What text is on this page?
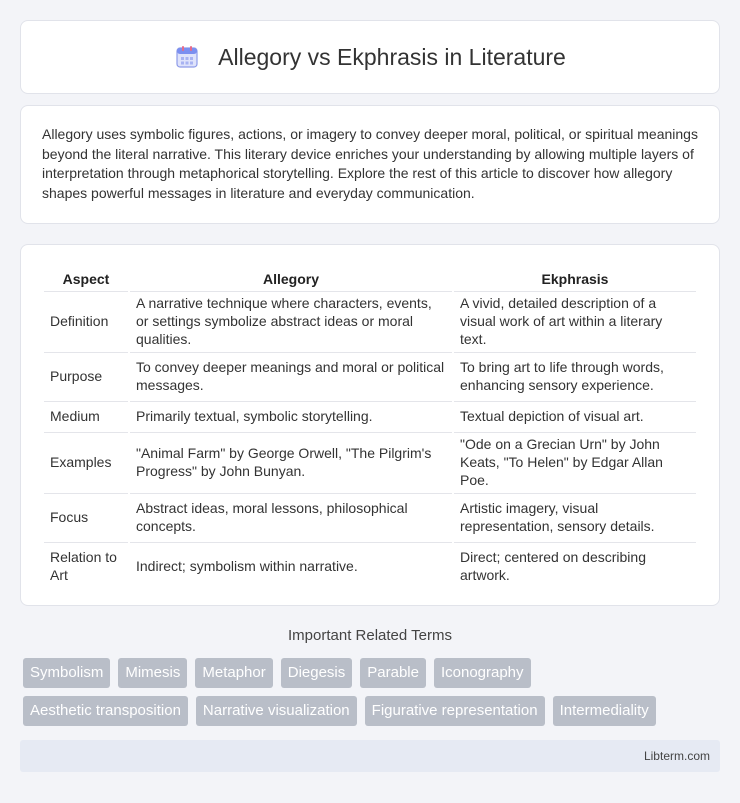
Allegory vs Ekphrasis in Literature

Allegory uses symbolic figures, actions, or imagery to convey deeper moral, political, or spiritual meanings beyond the literal narrative. This literary device enriches your understanding by allowing multiple layers of interpretation through metaphorical storytelling. Explore the rest of this article to discover how allegory shapes powerful messages in literature and everyday communication.

Aspect	Allegory	Ekphrasis
Definition	A narrative technique where characters, events, or settings symbolize abstract ideas or moral qualities.	A vivid, detailed description of a visual work of art within a literary text.
Purpose	To convey deeper meanings and moral or political messages.	To bring art to life through words, enhancing sensory experience.
Medium	Primarily textual, symbolic storytelling.	Textual depiction of visual art.
Examples	"Animal Farm" by George Orwell, "The Pilgrim's Progress" by John Bunyan.	"Ode on a Grecian Urn" by John Keats, "To Helen" by Edgar Allan Poe.
Focus	Abstract ideas, moral lessons, philosophical concepts.	Artistic imagery, visual representation, sensory details.
Relation to Art	Indirect; symbolism within narrative.	Direct; centered on describing artwork.
Important Related Terms
Symbolism	Mimesis	Metaphor	Diegesis	Parable	Iconography
Aesthetic transposition	Narrative visualization	Figurative representation	Intermediality
Libterm.com
